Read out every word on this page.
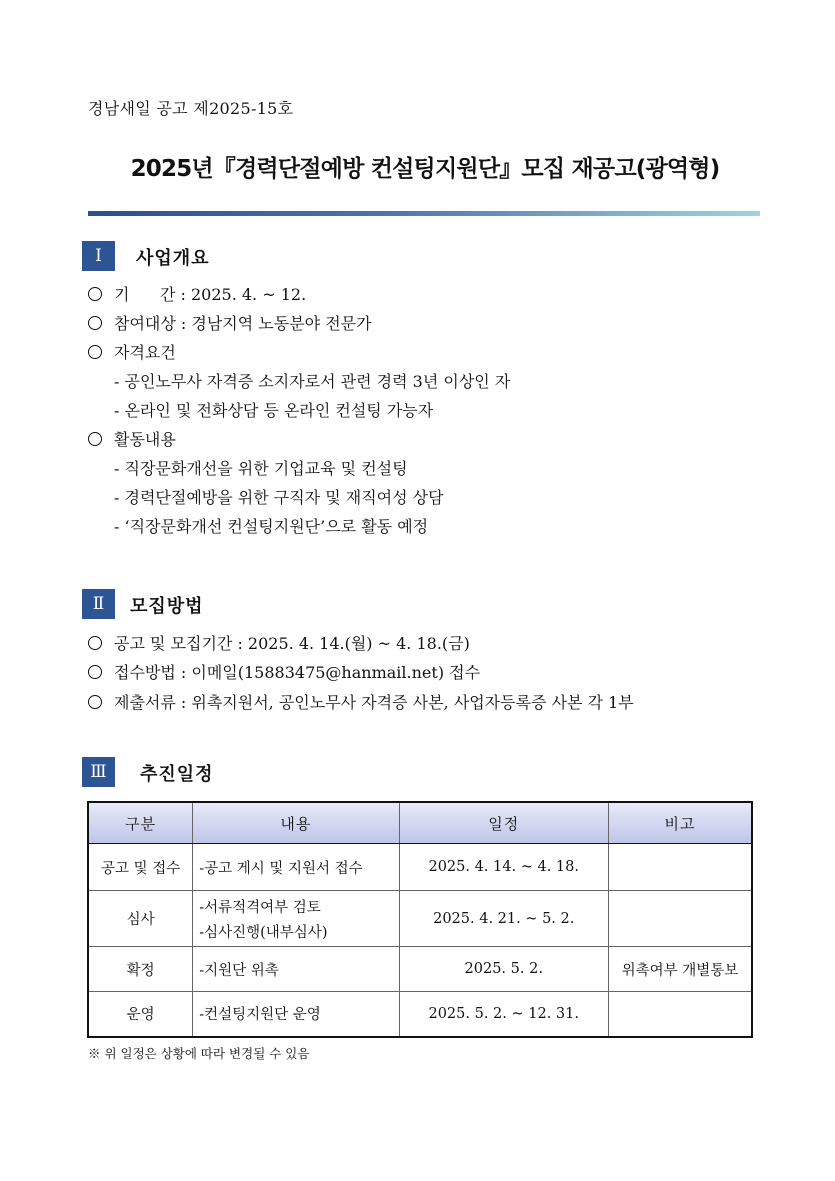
경남새일 공고 제2025-15호
2025년『경력단절예방 컨설팅지원단』모집 재공고(광역형)
Ⅰ	사업개요
기      간 : 2025. 4. ~ 12.
참여대상 : 경남지역 노동분야 전문가
자격요건
- 공인노무사 자격증 소지자로서 관련 경력 3년 이상인 자
- 온라인 및 전화상담 등 온라인 컨설팅 가능자
활동내용
- 직장문화개선을 위한 기업교육 및 컨설팅
- 경력단절예방을 위한 구직자 및 재직여성 상담
- ‘직장문화개선 컨설팅지원단’으로 활동 예정
Ⅱ	모집방법
공고 및 모집기간 : 2025. 4. 14.(월) ~ 4. 18.(금)
접수방법 : 이메일(15883475@hanmail.net) 접수
제출서류 : 위촉지원서, 공인노무사 자격증 사본, 사업자등록증 사본 각 1부
Ⅲ	추진일정
구분	내용	일정	비고
공고 및 접수	-공고 게시 및 지원서 접수	2025. 4. 14. ~ 4. 18.	
심사	-서류적격여부 검토
-심사진행(내부심사)	2025. 4. 21. ~ 5. 2.	
확정	-지원단 위촉	2025. 5. 2.	위촉여부 개별통보
운영	-컨설팅지원단 운영	2025. 5. 2. ~ 12. 31.	
※ 위 일정은 상황에 따라 변경될 수 있음
